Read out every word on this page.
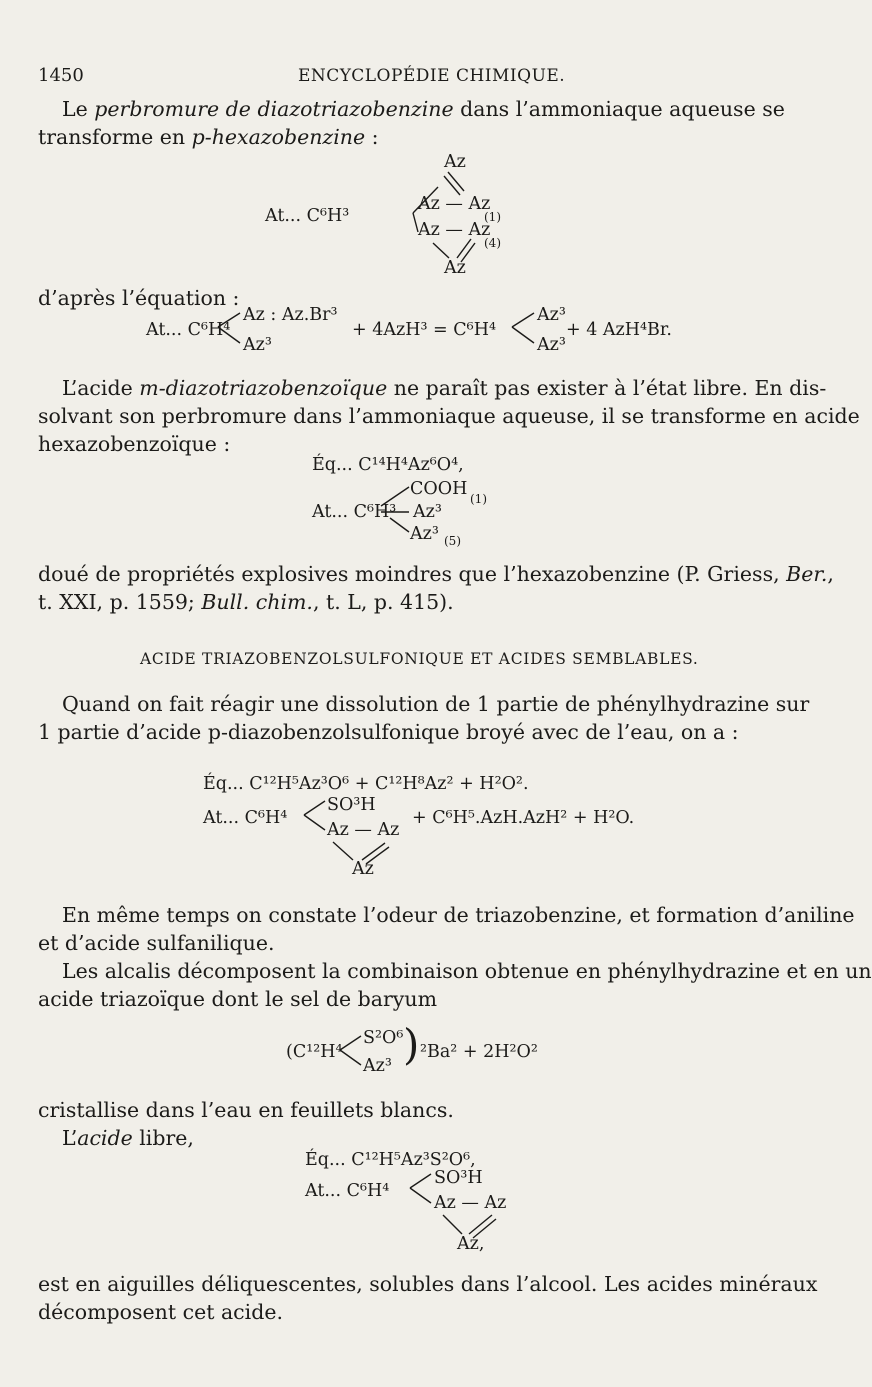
1450	ENCYCLOPÉDIE CHIMIQUE.
Le perbromure de diazotriazobenzine dans l’ammoniaque aqueuse se
transforme en p-hexazobenzine :
Az
At... C⁶H³
Az — Az
(1)
Az — Az
(4)
Az
d’après l’équation :
At... C⁶H⁴
Az : Az.Br³
Az³
+ 4AzH³ = C⁶H⁴
Az³
Az³
+ 4 AzH⁴Br.
L’acide m-diazotriazobenzoïque ne paraît pas exister à l’état libre. En dis-
solvant son perbromure dans l’ammoniaque aqueuse, il se transforme en acide
hexazobenzoïque :
Éq... C¹⁴H⁴Az⁶O⁴,
COOH (1)
At... C⁶H³ Az³
Az³ (5)
doué de propriétés explosives moindres que l’hexazobenzine (P. Griess, Ber.,
t. XXI, p. 1559; Bull. chim., t. L, p. 415).
ACIDE TRIAZOBENZOLSULFONIQUE ET ACIDES SEMBLABLES.
Quand on fait réagir une dissolution de 1 partie de phénylhydrazine sur
1 partie d’acide p-diazobenzolsulfonique broyé avec de l’eau, on a :
Éq... C¹²H⁵Az³O⁶ + C¹²H⁸Az² + H²O².
At... C⁶H⁴
SO³H
Az — Az
+ C⁶H⁵.AzH.AzH² + H²O.
Az
En même temps on constate l’odeur de triazobenzine, et formation d’aniline
et d’acide sulfanilique.
Les alcalis décomposent la combinaison obtenue en phénylhydrazine et en un
acide triazoïque dont le sel de baryum
(C¹²H⁴
S²O⁶
Az³ ) ²Ba² + 2H²O²
cristallise dans l’eau en feuillets blancs.
L’acide libre,
Éq... C¹²H⁵Az³S²O⁶,
At... C⁶H⁴
SO³H
Az — Az
Az,
est en aiguilles déliquescentes, solubles dans l’alcool. Les acides minéraux
décomposent cet acide.
